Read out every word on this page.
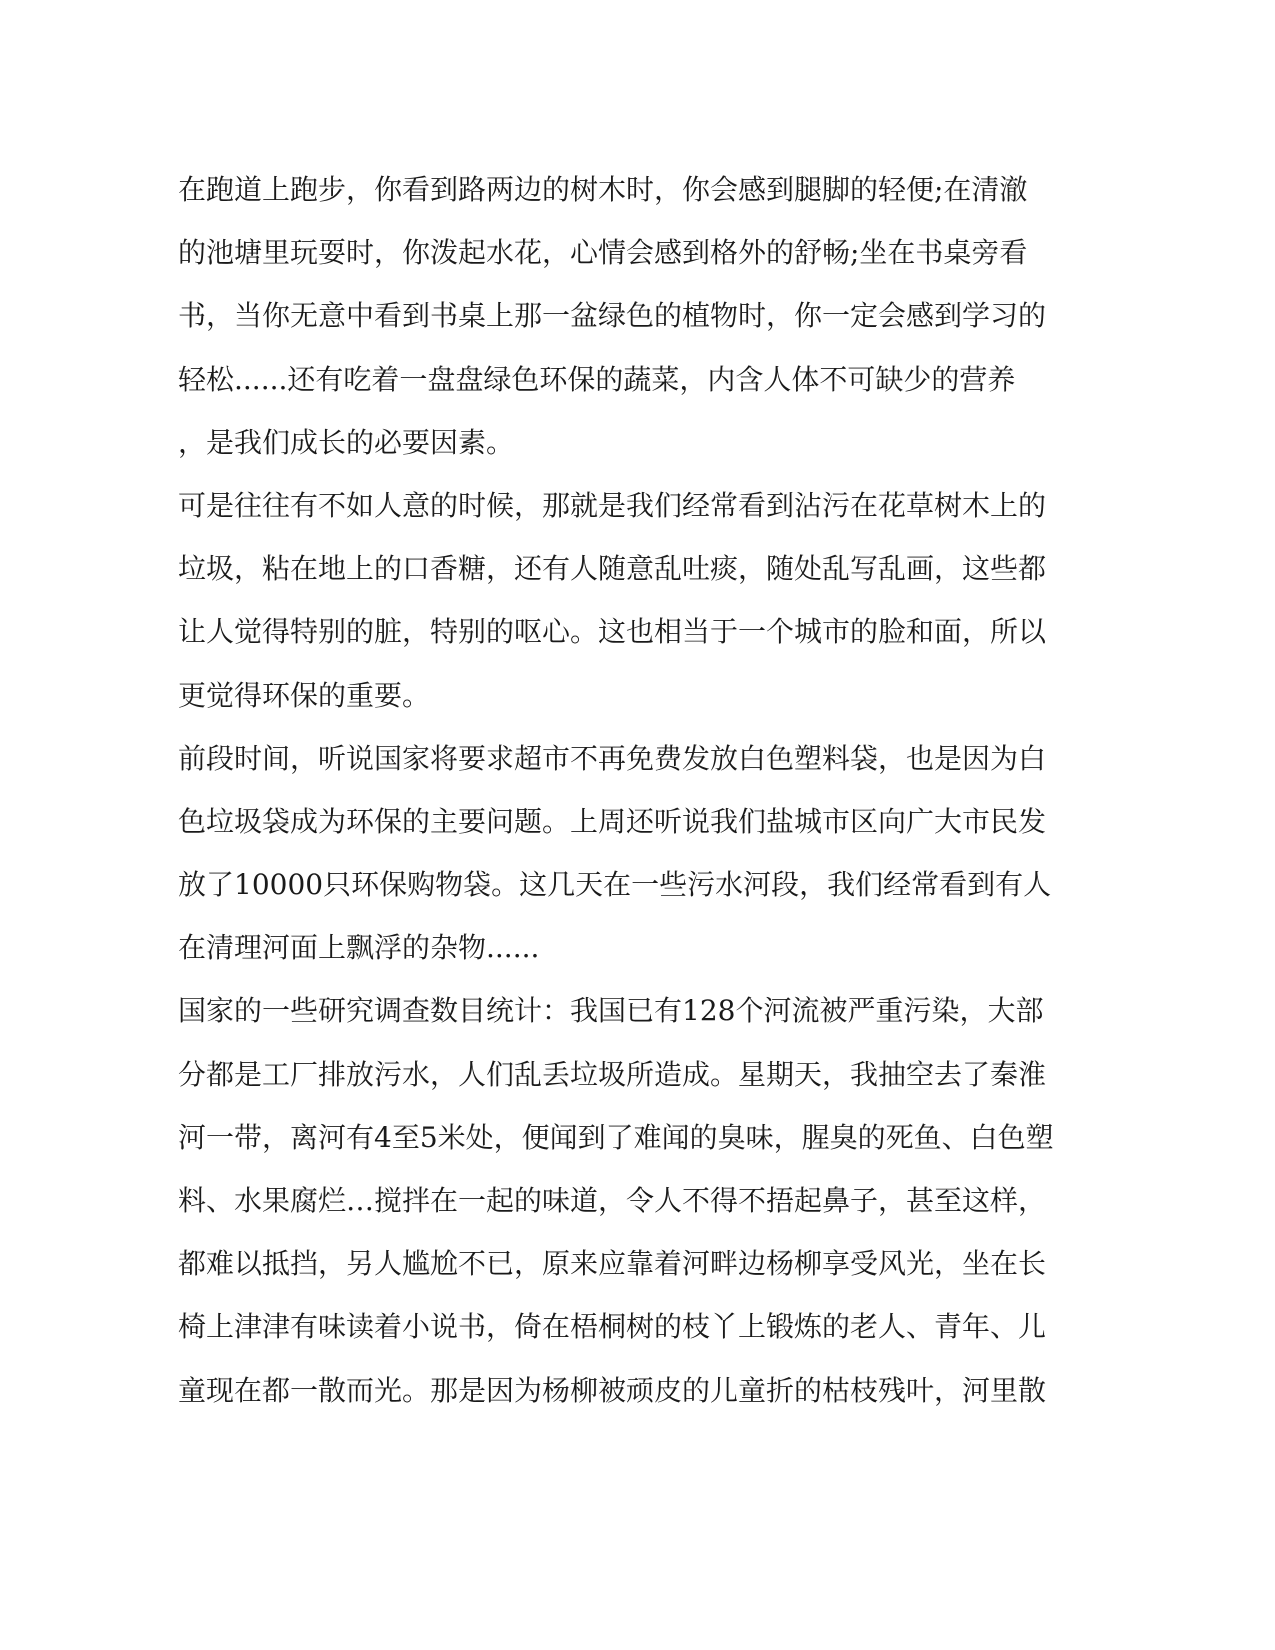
在跑道上跑步，你看到路两边的树木时，你会感到腿脚的轻便;在清澈
的池塘里玩耍时，你泼起水花，心情会感到格外的舒畅;坐在书桌旁看
书，当你无意中看到书桌上那一盆绿色的植物时，你一定会感到学习的
轻松......还有吃着一盘盘绿色环保的蔬菜，内含人体不可缺少的营养
，是我们成长的必要因素。
可是往往有不如人意的时候，那就是我们经常看到沾污在花草树木上的
垃圾，粘在地上的口香糖，还有人随意乱吐痰，随处乱写乱画，这些都
让人觉得特别的脏，特别的呕心。这也相当于一个城市的脸和面，所以
更觉得环保的重要。
前段时间，听说国家将要求超市不再免费发放白色塑料袋，也是因为白
色垃圾袋成为环保的主要问题。上周还听说我们盐城市区向广大市民发
放了10000只环保购物袋。这几天在一些污水河段，我们经常看到有人
在清理河面上飘浮的杂物......
国家的一些研究调查数目统计：我国已有128个河流被严重污染，大部
分都是工厂排放污水，人们乱丢垃圾所造成。星期天，我抽空去了秦淮
河一带，离河有4至5米处，便闻到了难闻的臭味，腥臭的死鱼、白色塑
料、水果腐烂…搅拌在一起的味道，令人不得不捂起鼻子，甚至这样，
都难以抵挡，另人尴尬不已，原来应靠着河畔边杨柳享受风光，坐在长
椅上津津有味读着小说书，倚在梧桐树的枝丫上锻炼的老人、青年、儿
童现在都一散而光。那是因为杨柳被顽皮的儿童折的枯枝残叶，河里散
